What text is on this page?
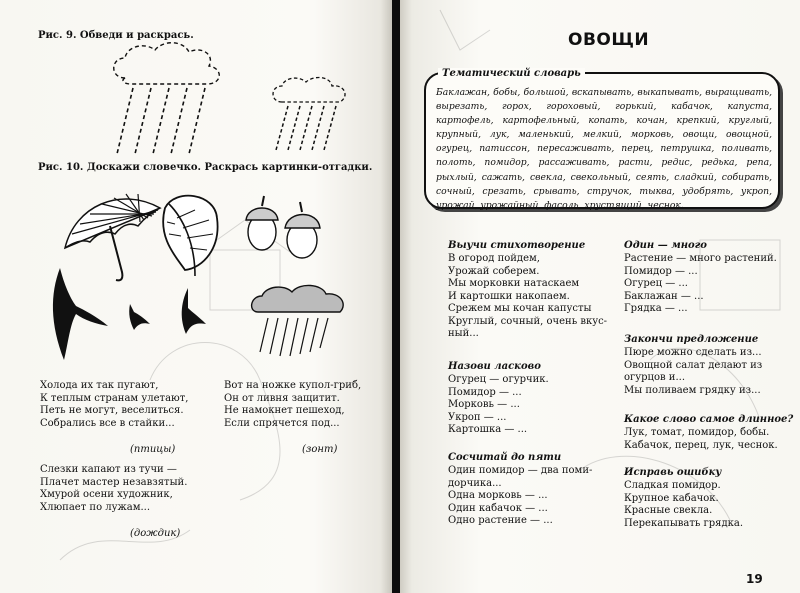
Рис. 9. Обведи и раскрась.
Рис. 10. Доскажи словечко. Раскрась картинки-отгадки.
Холода их так пугают,
К теплым странам улетают,
Петь не могут, веселиться.
Собрались все в стайки...
(птицы)
Вот на ножке купол-гриб,
Он от ливня защитит.
Не намокнет пешеход,
Если спрячется под...
(зонт)
Слезки капают из тучи —
Плачет мастер незавзятый.
Хмурой осени художник,
Хлюпает по лужам...
(дождик)
ОВОЩИ
Тематический словарь
Баклажан, бобы, большой, вскапывать, выкапывать, выращивать, вырезать, горох, гороховый, горький, кабачок, капуста, картофель, картофельный, копать, кочан, крепкий, круглый, крупный, лук, маленький, мелкий, морковь, овощи, овощной, огурец, патиссон, пересаживать, перец, петрушка, поливать, полоть, помидор, рассаживать, расти, редис, редька, репа, рыхлый, сажать, свекла, свекольный, сеять, сладкий, собирать, сочный, срезать, срывать, стручок, тыква, удобрять, укроп, урожай, урожайный, фасоль, хрустящий, чеснок.
Выучи стихотворение
В огород пойдем,
Урожай соберем.
Мы морковки натаскаем
И картошки накопаем.
Срежем мы кочан капусты
Круглый, сочный, очень вкус-
ный...
Назови ласково
Огурец — огурчик.
Помидор — ...
Морковь — ...
Укроп — ...
Картошка — ...
Сосчитай до пяти
Один помидор — два поми-
дорчика...
Одна морковь — ...
Один кабачок — ...
Одно растение — ...
Один — много
Растение — много растений.
Помидор — ...
Огурец — ...
Баклажан — ...
Грядка — ...
Закончи предложение
Пюре можно сделать из...
Овощной салат делают из
огурцов и...
Мы поливаем грядку из...
Какое слово самое длинное?
Лук, томат, помидор, бобы.
Кабачок, перец, лук, чеснок.
Исправь ошибку
Сладкая помидор.
Крупное кабачок.
Красные свекла.
Перекапывать грядка.
19
